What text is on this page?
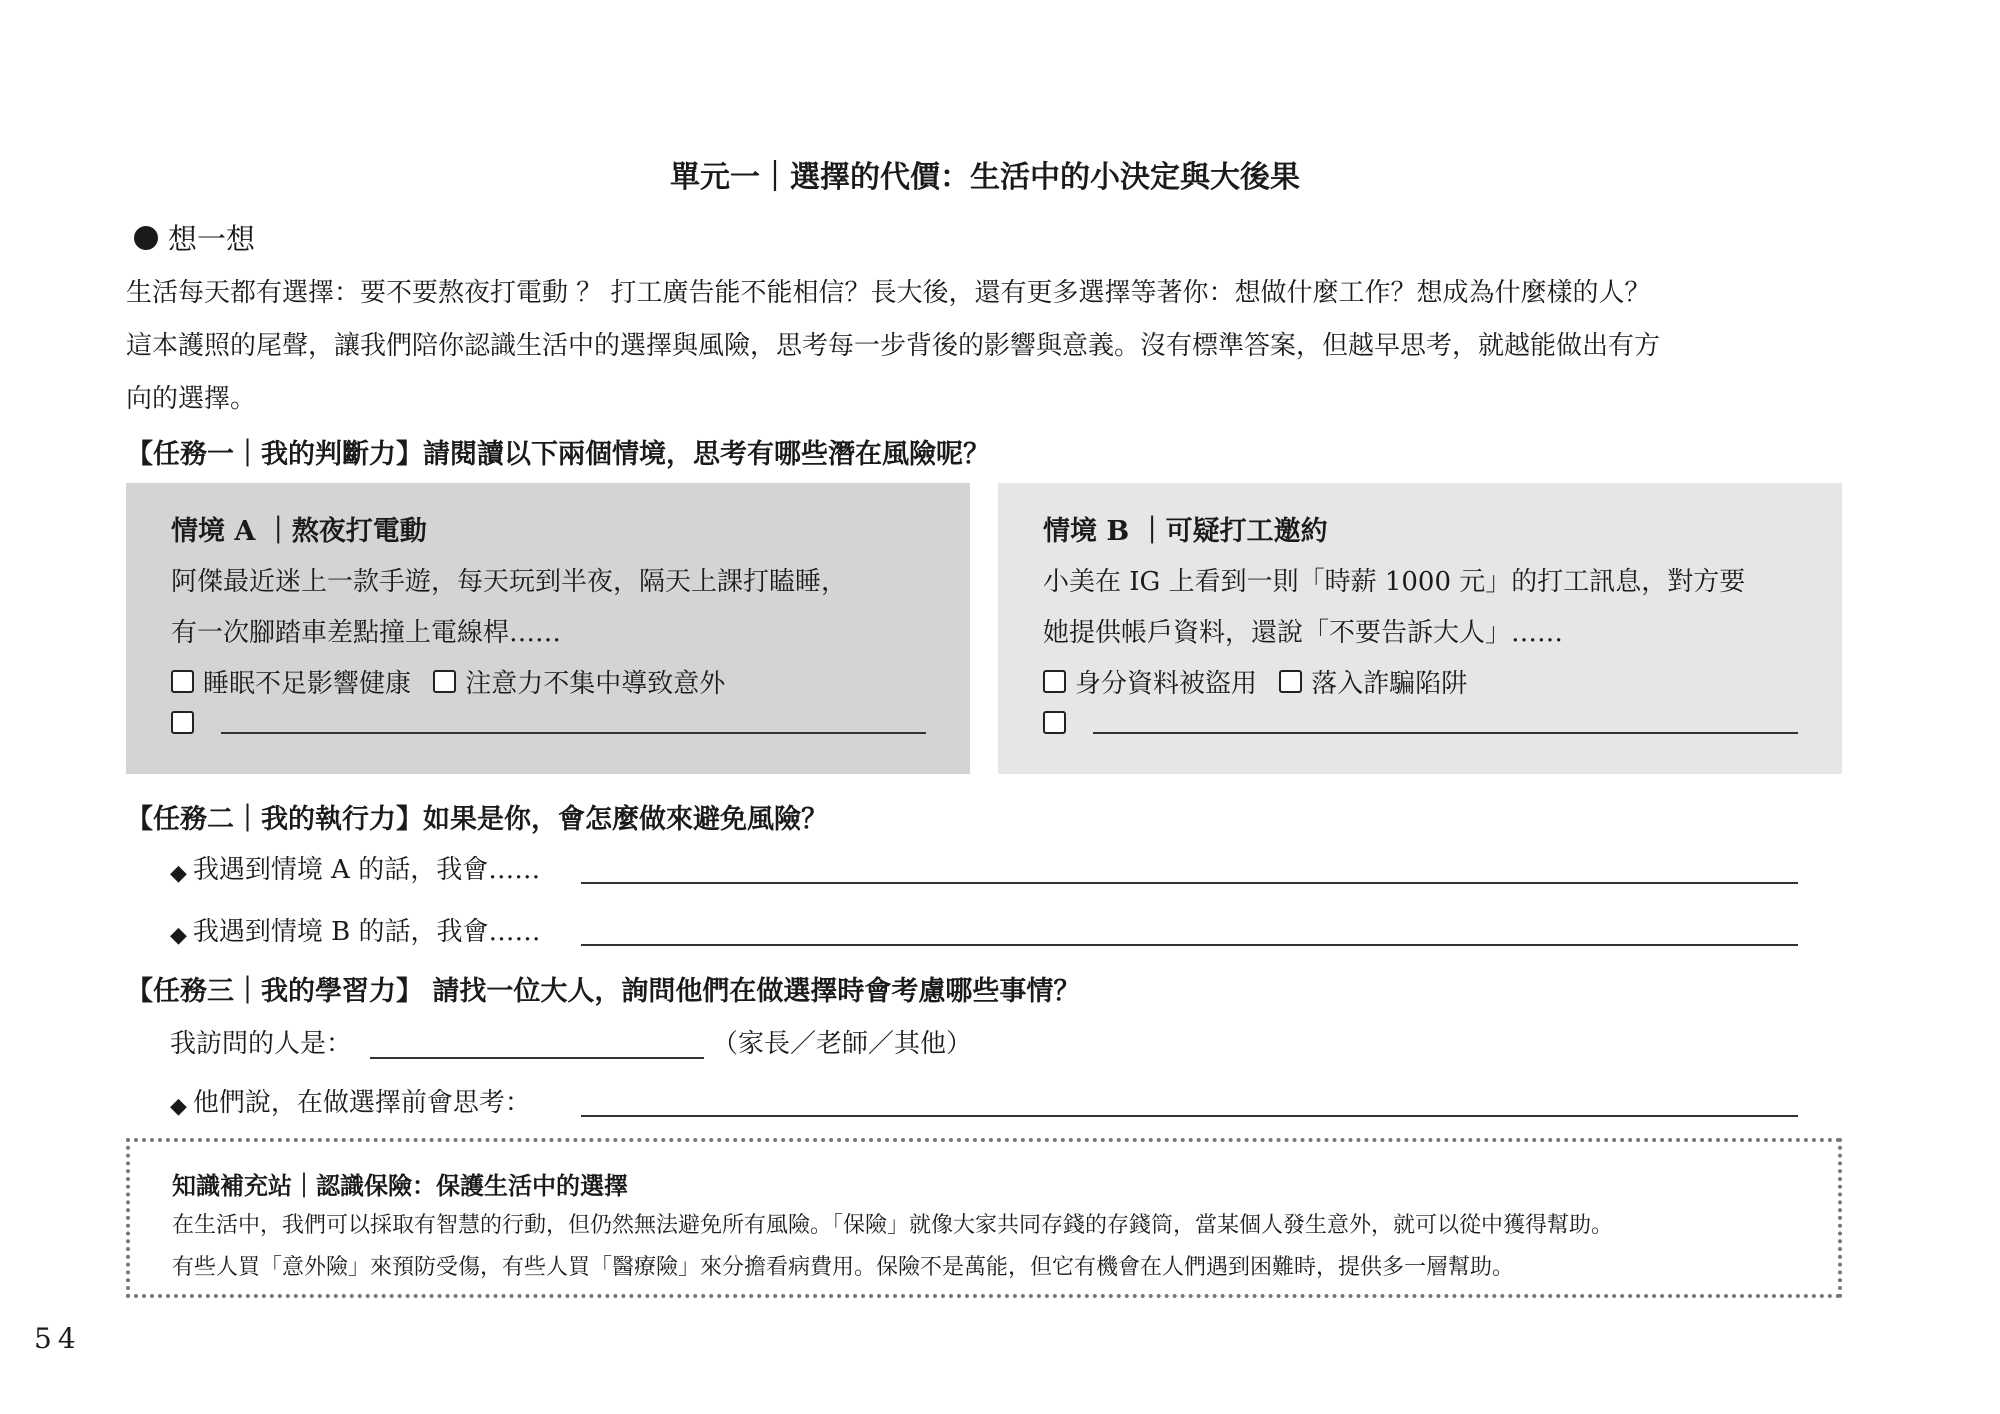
單元一｜選擇的代價：生活中的小決定與大後果
想一想
生活每天都有選擇：要不要熬夜打電動 ？ 打工廣告能不能相信？長大後，還有更多選擇等著你：想做什麼工作？想成為什麼樣的人？
這本護照的尾聲，讓我們陪你認識生活中的選擇與風險，思考每一步背後的影響與意義。沒有標準答案，但越早思考，就越能做出有方
向的選擇。
【任務一｜我的判斷力】請閱讀以下兩個情境，思考有哪些潛在風險呢？
情境 A ｜熬夜打電動
阿傑最近迷上一款手遊，每天玩到半夜，隔天上課打瞌睡，
有一次腳踏車差點撞上電線桿……
睡眠不足影響健康
注意力不集中導致意外
情境 B ｜可疑打工邀約
小美在 IG 上看到一則「時薪 1000 元」的打工訊息，對方要
她提供帳戶資料，還說「不要告訴大人」……
身分資料被盜用
落入詐騙陷阱
【任務二｜我的執行力】如果是你，會怎麼做來避免風險？
◆ 我遇到情境 A 的話，我會……
◆ 我遇到情境 B 的話，我會……
【任務三｜我的學習力】 請找一位大人，詢問他們在做選擇時會考慮哪些事情？
我訪問的人是：	（家長／老師／其他）
◆ 他們說，在做選擇前會思考：
知識補充站｜認識保險：保護生活中的選擇
在生活中，我們可以採取有智慧的行動，但仍然無法避免所有風險。「保險」就像大家共同存錢的存錢筒，當某個人發生意外，就可以從中獲得幫助。
有些人買「意外險」來預防受傷，有些人買「醫療險」來分擔看病費用。保險不是萬能，但它有機會在人們遇到困難時，提供多一層幫助。
54
